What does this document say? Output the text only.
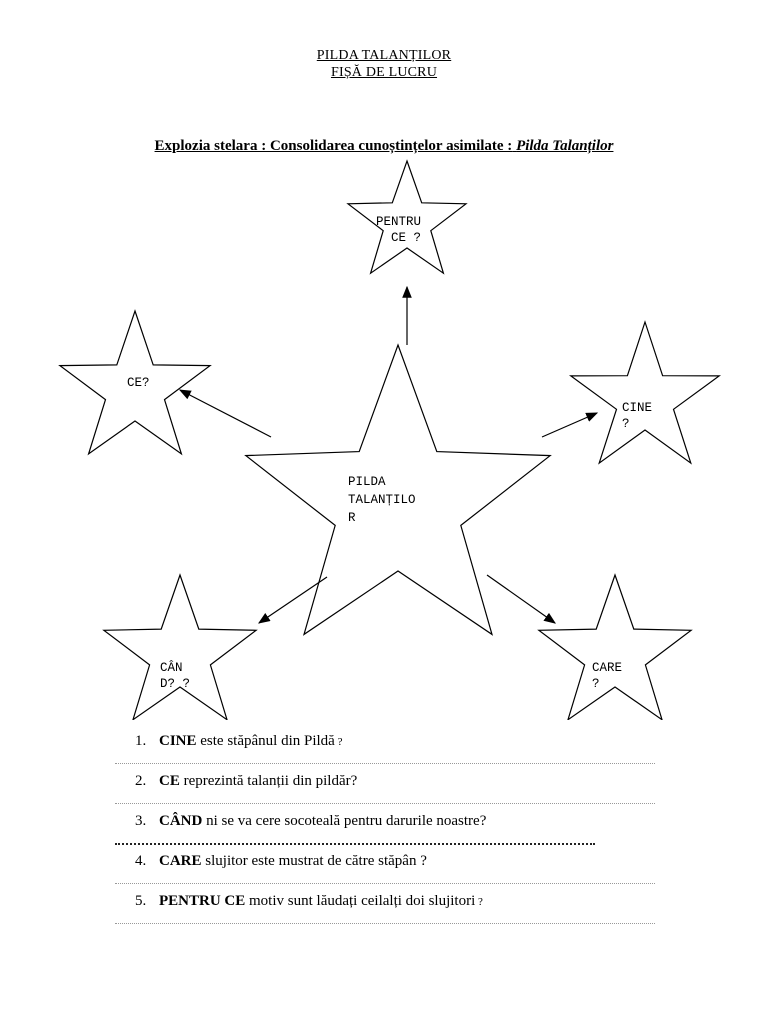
PILDA TALANȚILOR
FIȘĂ DE LUCRU
Explozia stelara : Consolidarea cunoștințelor asimilate : Pilda Talanților
PENTRU
CE ?
CE?
CINE
?
PILDA
TALANȚILO
R
CÂN
D? ?
CARE
?
1. CINE este stăpânul din Pildă ?
2. CE reprezintă talanții din pildăr?
3. CÂND ni se va cere socoteală pentru darurile noastre?
4. CARE slujitor este mustrat de către stăpân ?
5. PENTRU CE motiv sunt lăudați ceilalți doi slujitori ?
